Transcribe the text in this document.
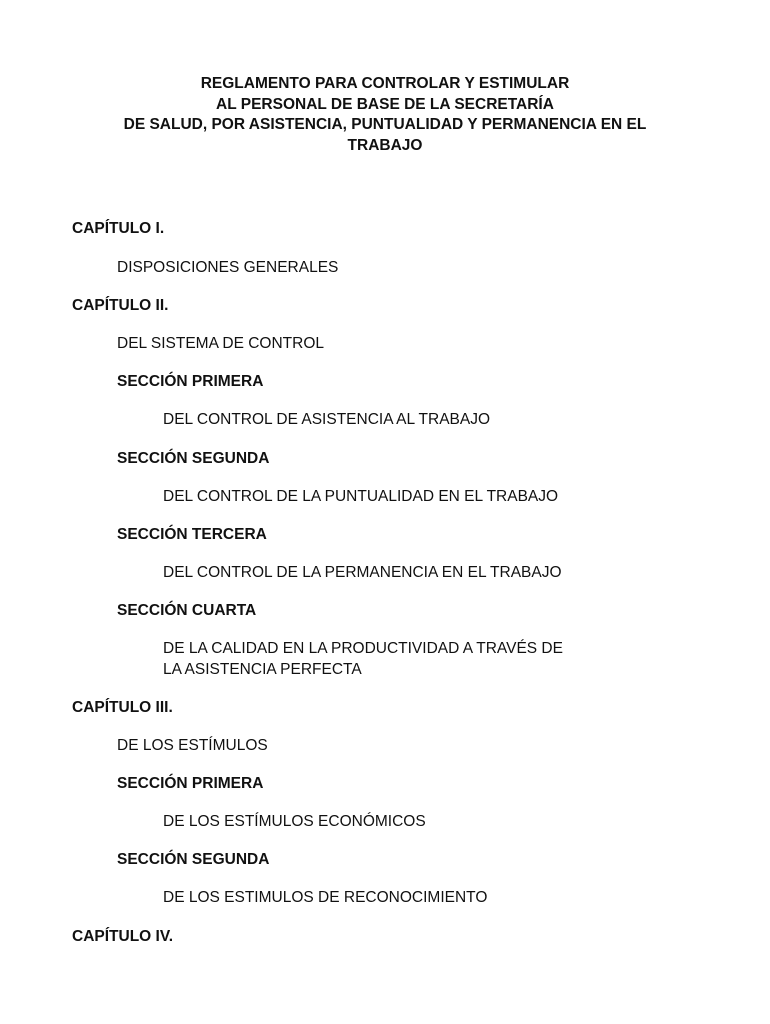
REGLAMENTO PARA CONTROLAR Y ESTIMULAR
AL PERSONAL DE BASE DE LA SECRETARÍA
DE SALUD, POR ASISTENCIA, PUNTUALIDAD Y PERMANENCIA EN EL
TRABAJO
CAPÍTULO I.
DISPOSICIONES GENERALES
CAPÍTULO II.
DEL SISTEMA DE CONTROL
SECCIÓN PRIMERA
DEL CONTROL DE ASISTENCIA AL TRABAJO
SECCIÓN SEGUNDA
DEL CONTROL DE LA PUNTUALIDAD EN EL TRABAJO
SECCIÓN TERCERA
DEL CONTROL DE LA PERMANENCIA EN EL TRABAJO
SECCIÓN CUARTA
DE LA CALIDAD EN LA PRODUCTIVIDAD A TRAVÉS DE
LA ASISTENCIA PERFECTA
CAPÍTULO III.
DE LOS ESTÍMULOS
SECCIÓN PRIMERA
DE LOS ESTÍMULOS ECONÓMICOS
SECCIÓN SEGUNDA
DE LOS ESTIMULOS DE RECONOCIMIENTO
CAPÍTULO IV.
